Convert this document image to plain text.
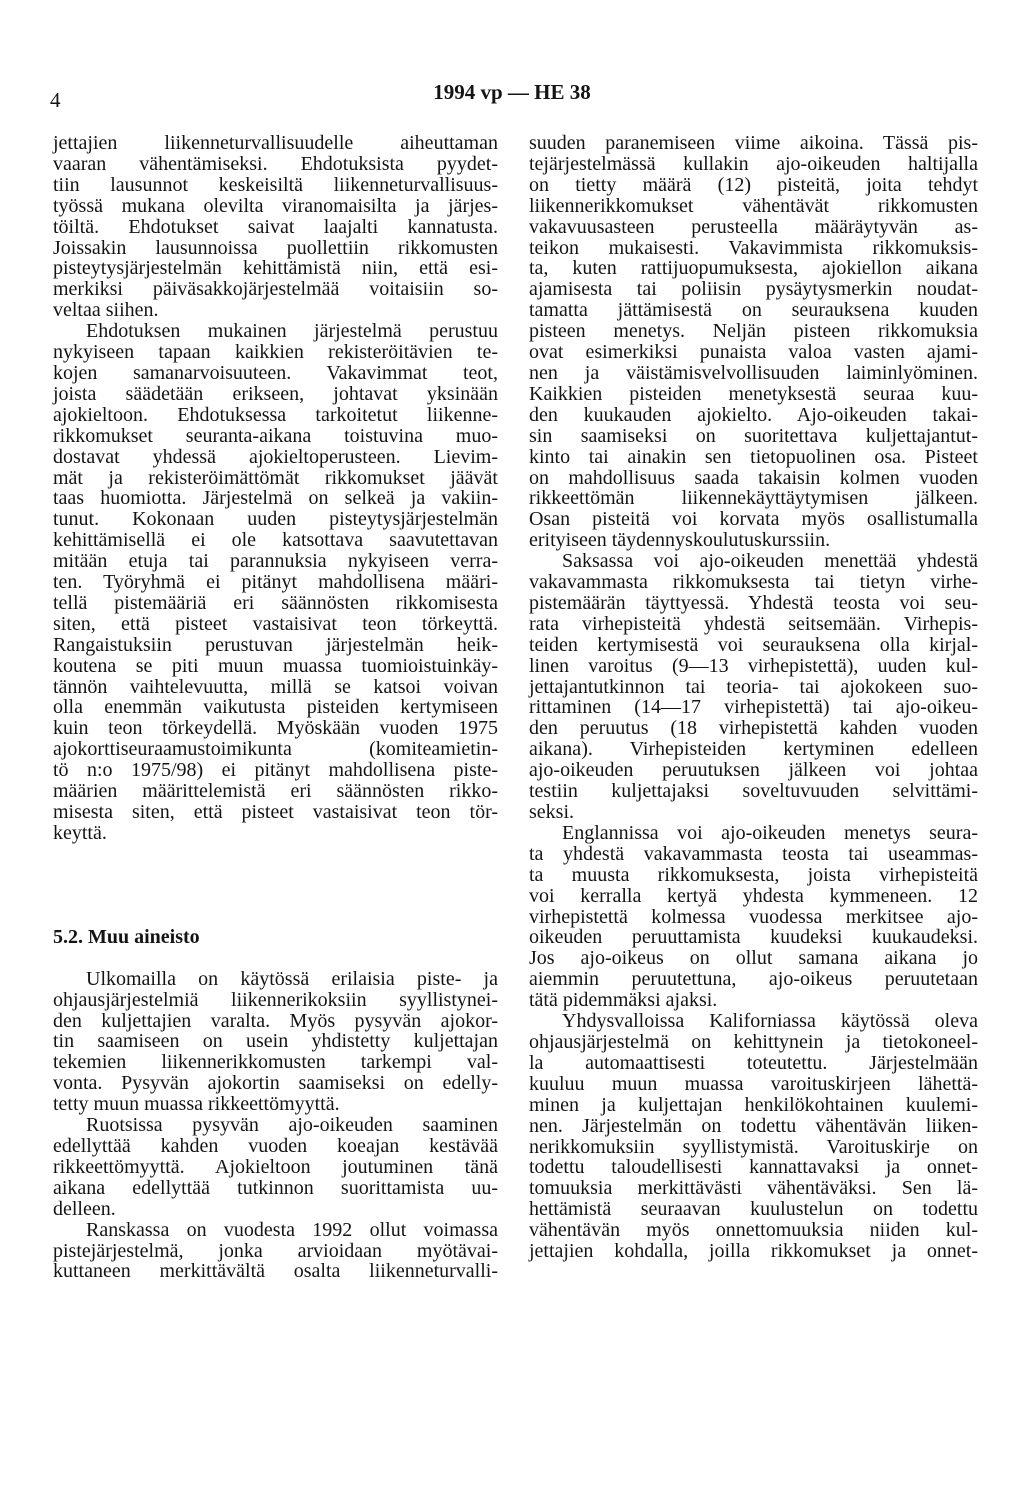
4	1994 vp — HE 38
jettajien liikenneturvallisuudelle aiheuttaman
vaaran vähentämiseksi. Ehdotuksista pyydet-
tiin lausunnot keskeisiltä liikenneturvallisuus-
työssä mukana olevilta viranomaisilta ja järjes-
töiltä. Ehdotukset saivat laajalti kannatusta.
Joissakin lausunnoissa puollettiin rikkomusten
pisteytysjärjestelmän kehittämistä niin, että esi-
merkiksi päiväsakkojärjestelmää voitaisiin so-
veltaa siihen.
Ehdotuksen mukainen järjestelmä perustuu
nykyiseen tapaan kaikkien rekisteröitävien te-
kojen samanarvoisuuteen. Vakavimmat teot,
joista säädetään erikseen, johtavat yksinään
ajokieltoon. Ehdotuksessa tarkoitetut liikenne-
rikkomukset seuranta-aikana toistuvina muo-
dostavat yhdessä ajokieltoperusteen. Lievim-
mät ja rekisteröimättömät rikkomukset jäävät
taas huomiotta. Järjestelmä on selkeä ja vakiin-
tunut. Kokonaan uuden pisteytysjärjestelmän
kehittämisellä ei ole katsottava saavutettavan
mitään etuja tai parannuksia nykyiseen verra-
ten. Työryhmä ei pitänyt mahdollisena määri-
tellä pistemääriä eri säännösten rikkomisesta
siten, että pisteet vastaisivat teon törkeyttä.
Rangaistuksiin perustuvan järjestelmän heik-
koutena se piti muun muassa tuomioistuinkäy-
tännön vaihtelevuutta, millä se katsoi voivan
olla enemmän vaikutusta pisteiden kertymiseen
kuin teon törkeydellä. Myöskään vuoden 1975
ajokorttiseuraamustoimikunta (komiteamietin-
tö n:o 1975/98) ei pitänyt mahdollisena piste-
määrien määrittelemistä eri säännösten rikko-
misesta siten, että pisteet vastaisivat teon tör-
keyttä.
5.2. Muu aineisto
Ulkomailla on käytössä erilaisia piste- ja
ohjausjärjestelmiä liikennerikoksiin syyllistynei-
den kuljettajien varalta. Myös pysyvän ajokor-
tin saamiseen on usein yhdistetty kuljettajan
tekemien liikennerikkomusten tarkempi val-
vonta. Pysyvän ajokortin saamiseksi on edelly-
tetty muun muassa rikkeettömyyttä.
Ruotsissa pysyvän ajo-oikeuden saaminen
edellyttää kahden vuoden koeajan kestävää
rikkeettömyyttä. Ajokieltoon joutuminen tänä
aikana edellyttää tutkinnon suorittamista uu-
delleen.
Ranskassa on vuodesta 1992 ollut voimassa
pistejärjestelmä, jonka arvioidaan myötävai-
kuttaneen merkittävältä osalta liikenneturvalli-
suuden paranemiseen viime aikoina. Tässä pis-
tejärjestelmässä kullakin ajo-oikeuden haltijalla
on tietty määrä (12) pisteitä, joita tehdyt
liikennerikkomukset vähentävät rikkomusten
vakavuusasteen perusteella määräytyvän as-
teikon mukaisesti. Vakavimmista rikkomuksis-
ta, kuten rattijuopumuksesta, ajokiellon aikana
ajamisesta tai poliisin pysäytysmerkin noudat-
tamatta jättämisestä on seurauksena kuuden
pisteen menetys. Neljän pisteen rikkomuksia
ovat esimerkiksi punaista valoa vasten ajami-
nen ja väistämisvelvollisuuden laiminlyöminen.
Kaikkien pisteiden menetyksestä seuraa kuu-
den kuukauden ajokielto. Ajo-oikeuden takai-
sin saamiseksi on suoritettava kuljettajantut-
kinto tai ainakin sen tietopuolinen osa. Pisteet
on mahdollisuus saada takaisin kolmen vuoden
rikkeettömän liikennekäyttäytymisen jälkeen.
Osan pisteitä voi korvata myös osallistumalla
erityiseen täydennyskoulutuskurssiin.
Saksassa voi ajo-oikeuden menettää yhdestä
vakavammasta rikkomuksesta tai tietyn virhe-
pistemäärän täyttyessä. Yhdestä teosta voi seu-
rata virhepisteitä yhdestä seitsemään. Virhepis-
teiden kertymisestä voi seurauksena olla kirjal-
linen varoitus (9—13 virhepistettä), uuden kul-
jettajantutkinnon tai teoria- tai ajokokeen suo-
rittaminen (14—17 virhepistettä) tai ajo-oikeu-
den peruutus (18 virhepistettä kahden vuoden
aikana). Virhepisteiden kertyminen edelleen
ajo-oikeuden peruutuksen jälkeen voi johtaa
testiin kuljettajaksi soveltuvuuden selvittämi-
seksi.
Englannissa voi ajo-oikeuden menetys seura-
ta yhdestä vakavammasta teosta tai useammas-
ta muusta rikkomuksesta, joista virhepisteitä
voi kerralla kertyä yhdesta kymmeneen. 12
virhepistettä kolmessa vuodessa merkitsee ajo-
oikeuden peruuttamista kuudeksi kuukaudeksi.
Jos ajo-oikeus on ollut samana aikana jo
aiemmin peruutettuna, ajo-oikeus peruutetaan
tätä pidemmäksi ajaksi.
Yhdysvalloissa Kaliforniassa käytössä oleva
ohjausjärjestelmä on kehittynein ja tietokoneel-
la automaattisesti toteutettu. Järjestelmään
kuuluu muun muassa varoituskirjeen lähettä-
minen ja kuljettajan henkilökohtainen kuulemi-
nen. Järjestelmän on todettu vähentävän liiken-
nerikkomuksiin syyllistymistä. Varoituskirje on
todettu taloudellisesti kannattavaksi ja onnet-
tomuuksia merkittävästi vähentäväksi. Sen lä-
hettämistä seuraavan kuulustelun on todettu
vähentävän myös onnettomuuksia niiden kul-
jettajien kohdalla, joilla rikkomukset ja onnet-
